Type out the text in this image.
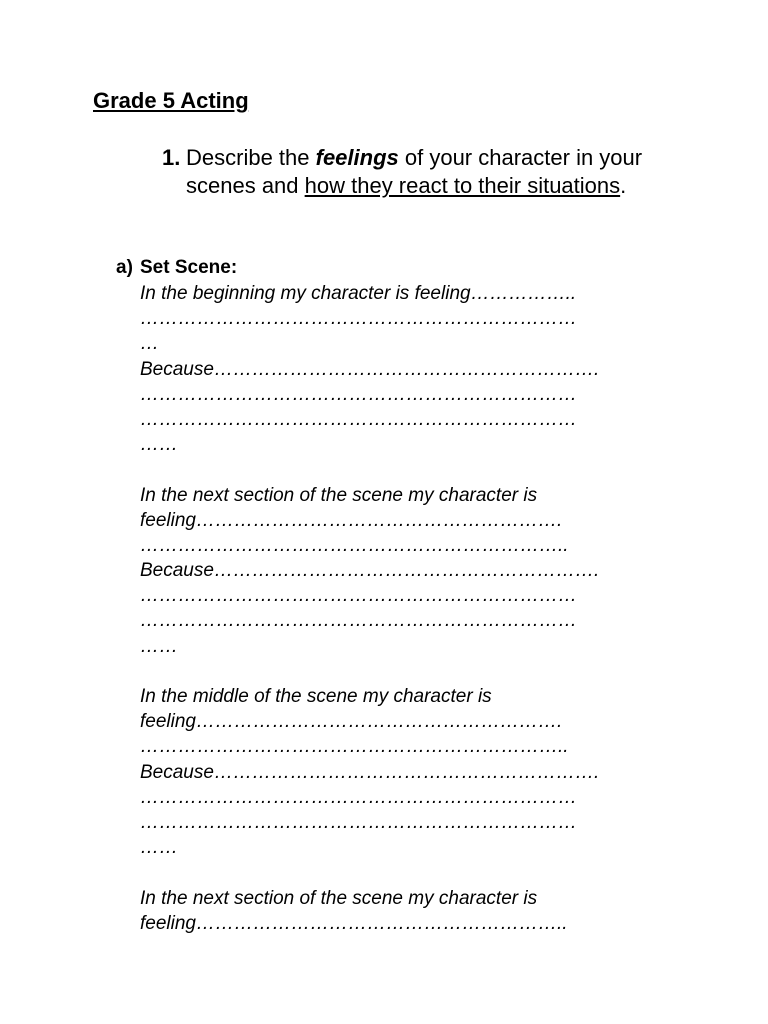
Grade 5 Acting
1. Describe the feelings of your character in your scenes and how they react to their situations.
a) Set Scene:
In the beginning my character is feeling……………..
……………………………………………………………
…
Because…………………………………………………….
……………………………………………………………
……………………………………………………………
……
In the next section of the scene my character is
feeling………………………………………………….
…………………………………………………………..
Because…………………………………………………….
……………………………………………………………
……………………………………………………………
……
In the middle of the scene my character is
feeling………………………………………………….
…………………………………………………………..
Because…………………………………………………….
……………………………………………………………
……………………………………………………………
……
In the next section of the scene my character is
feeling…………………………………………………..
